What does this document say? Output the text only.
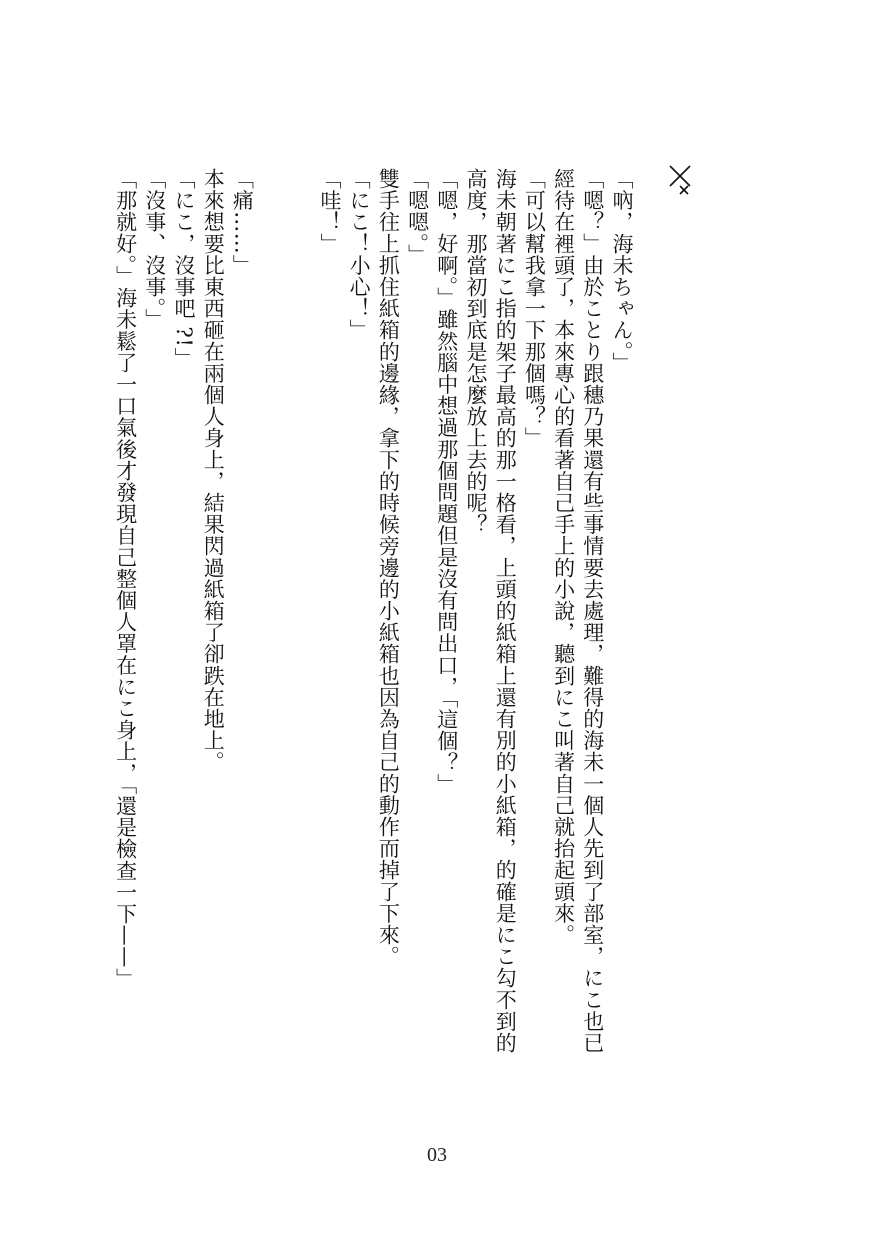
「吶，海未ちゃん。」
「嗯？」由於ことり跟穗乃果還有些事情要去處理，難得的海未一個人先到了部室，にこ也已
經待在裡頭了，本來專心的看著自己手上的小說，聽到にこ叫著自己就抬起頭來。
「可以幫我拿一下那個嗎？」
海未朝著にこ指的架子最高的那一格看，上頭的紙箱上還有別的小紙箱，的確是にこ勾不到的
高度，那當初到底是怎麼放上去的呢？
「嗯，好啊。」雖然腦中想過那個問題但是沒有問出口，「這個？」
「嗯嗯。」
雙手往上抓住紙箱的邊緣，拿下的時候旁邊的小紙箱也因為自己的動作而掉了下來。
「にこ！小心！」
「哇！」
「痛……」
本來想要比東西砸在兩個人身上，結果閃過紙箱了卻跌在地上。
「にこ，沒事吧 ?!」
「沒事、沒事。」
「那就好。」海未鬆了一口氣後才發現自己整個人罩在にこ身上，「還是檢查一下——」
03
